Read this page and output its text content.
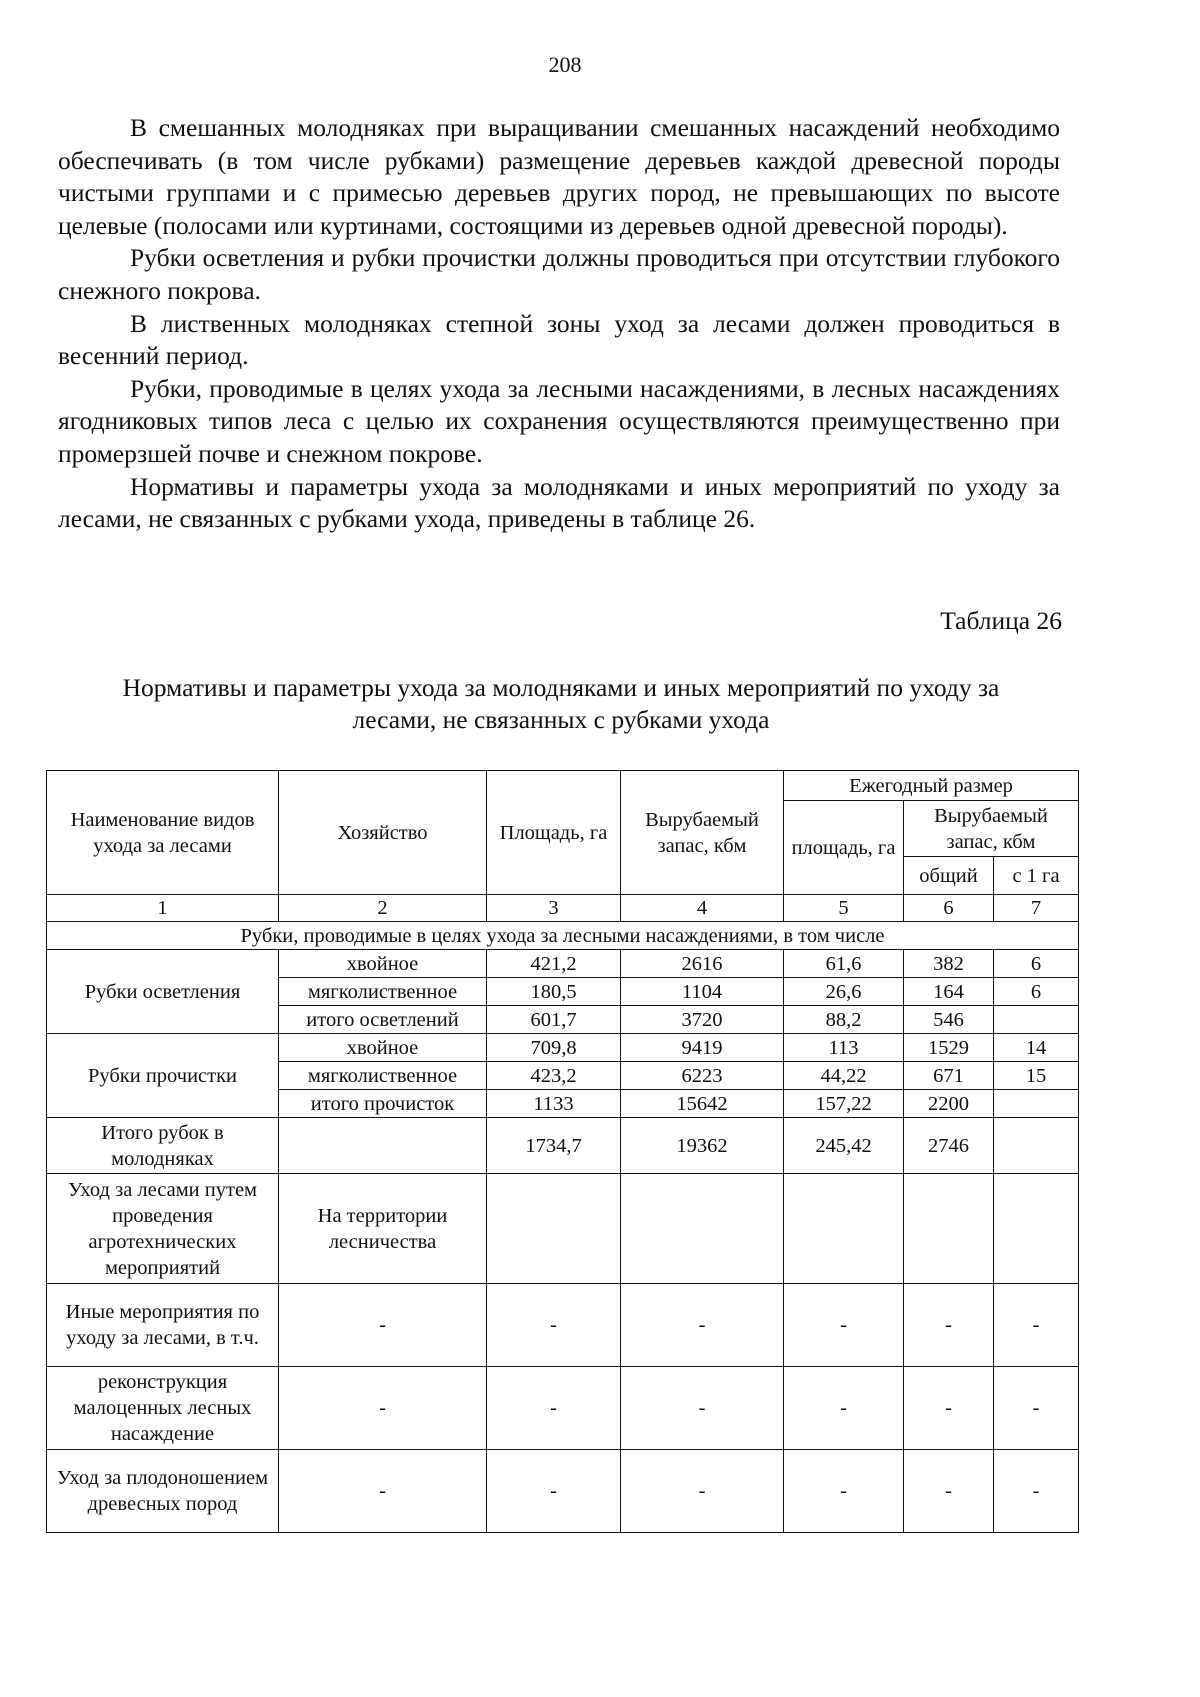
208

В смешанных молодняках при выращивании смешанных насаждений необходимо обеспечивать (в том числе рубками) размещение деревьев каждой древесной породы чистыми группами и с примесью деревьев других пород, не превышающих по высоте целевые (полосами или куртинами, состоящими из деревьев одной древесной породы).

Рубки осветления и рубки прочистки должны проводиться при отсутствии глубокого снежного покрова.

В лиственных молодняках степной зоны уход за лесами должен проводиться в весенний период.

Рубки, проводимые в целях ухода за лесными насаждениями, в лесных насаждениях ягодниковых типов леса с целью их сохранения осуществляются преимущественно при промерзшей почве и снежном покрове.

Нормативы и параметры ухода за молодняками и иных мероприятий по уходу за лесами, не связанных с рубками ухода, приведены в таблице 26.

Таблица 26
Нормативы и параметры ухода за молодняками и иных мероприятий по уходу за
лесами, не связанных с рубками ухода
Наименование видов ухода за лесами	Хозяйство	Площадь, га	Вырубаемый запас, кбм	Ежегодный размер		
				площадь, га	Вырубаемый запас, кбм	
					общий	с 1 га
1	2	3	4	5	6	7
Рубки, проводимые в целях ухода за лесными насаждениями, в том числе						
Рубки осветления	хвойное	421,2	2616	61,6	382	6
	мягколиственное	180,5	1104	26,6	164	6
	итого осветлений	601,7	3720	88,2	546	
Рубки прочистки	хвойное	709,8	9419	113	1529	14
	мягколиственное	423,2	6223	44,22	671	15
	итого прочисток	1133	15642	157,22	2200	
Итого рубок в молодняках		1734,7	19362	245,42	2746	
Уход за лесами путем проведения агротехнических мероприятий	На территории лесничества					
Иные мероприятия по уходу за лесами, в т.ч.	-	-	-	-	-	-
реконструкция малоценных лесных насаждение	-	-	-	-	-	-
Уход за плодоношением древесных пород	-	-	-	-	-	-
